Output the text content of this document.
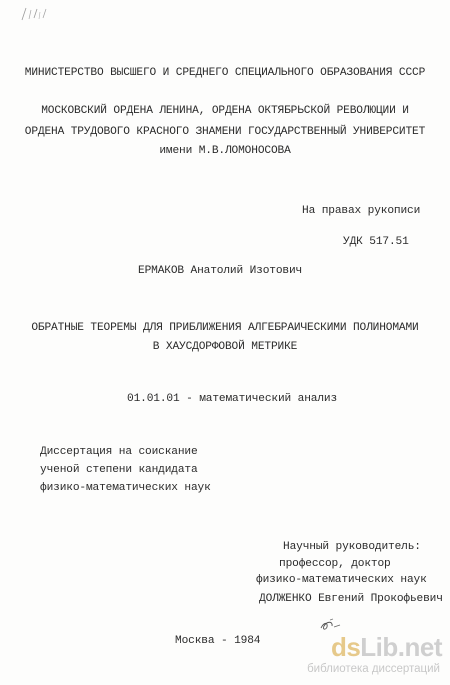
МИНИСТЕРСТВО ВЫСШЕГО И СРЕДНЕГО СПЕЦИАЛЬНОГО ОБРАЗОВАНИЯ СССР
МОСКОВСКИЙ ОРДЕНА ЛЕНИНА, ОРДЕНА ОКТЯБРЬСКОЙ РЕВОЛЮЦИИ И
ОРДЕНА ТРУДОВОГО КРАСНОГО ЗНАМЕНИ ГОСУДАРСТВЕННЫЙ УНИВЕРСИТЕТ
имени М.В.ЛОМОНОСОВА
На правах рукописи
УДК 517.51
ЕРМАКОВ Анатолий Изотович
ОБРАТНЫЕ ТЕОРЕМЫ ДЛЯ ПРИБЛИЖЕНИЯ АЛГЕБРАИЧЕСКИМИ ПОЛИНОМАМИ
В ХАУСДОРФОВОЙ МЕТРИКЕ
01.01.01 - математический анализ
Диссертация на соискание
ученой степени кандидата
физико-математических наук
Научный руководитель:
профессор, доктор
физико-математических наук
ДОЛЖЕНКО Евгений Прокофьевич
Москва - 1984	dsLib.net
библиотека диссертаций
